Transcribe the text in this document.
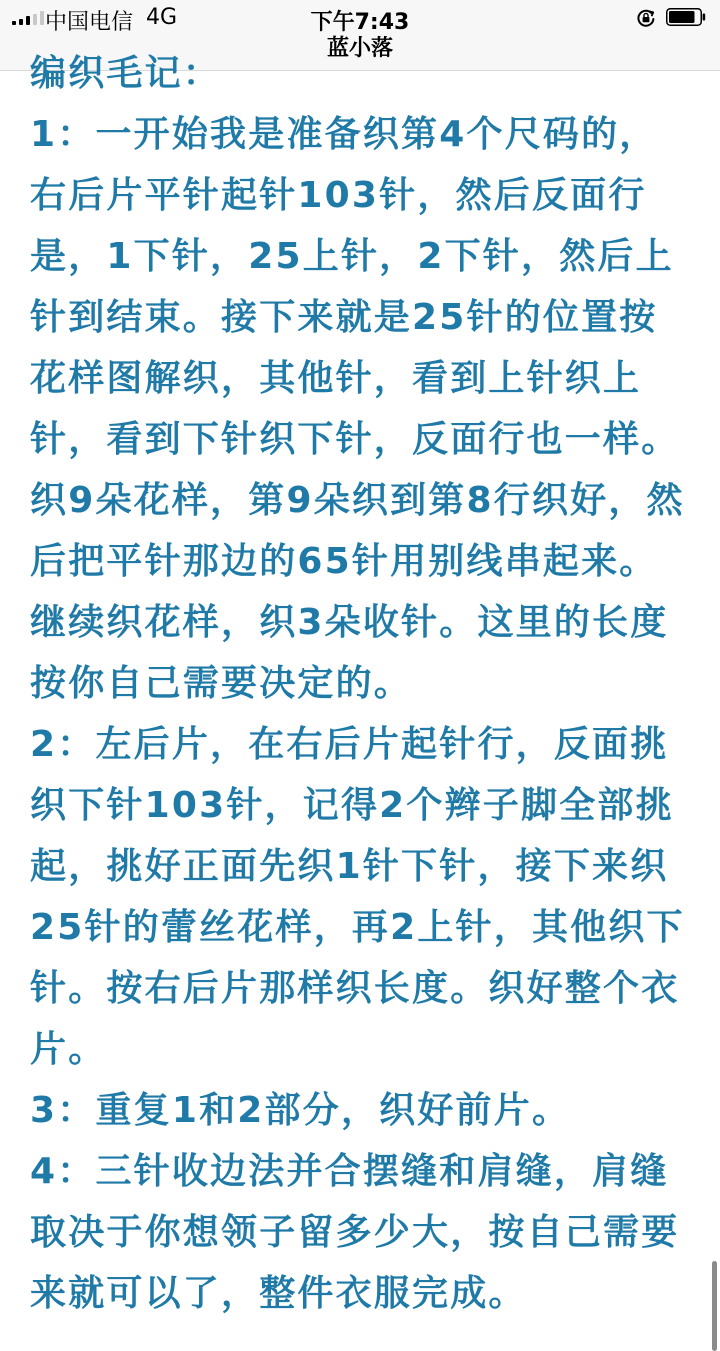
中国电信 4G	下午7:43
蓝小落

编织毛记：

1：一开始我是准备织第4个尺码的，右后片平针起针103针，然后反面行是，1下针，25上针，2下针，然后上针到结束。接下来就是25针的位置按花样图解织，其他针，看到上针织上针，看到下针织下针，反面行也一样。织9朵花样，第9朵织到第8行织好，然后把平针那边的65针用别线串起来。继续织花样，织3朵收针。这里的长度按你自己需要决定的。

2：左后片，在右后片起针行，反面挑织下针103针，记得2个辫子脚全部挑起，挑好正面先织1针下针，接下来织25针的蕾丝花样，再2上针，其他织下针。按右后片那样织长度。织好整个衣片。

3：重复1和2部分，织好前片。

4：三针收边法并合摆缝和肩缝，肩缝取决于你想领子留多少大，按自己需要来就可以了，整件衣服完成。
